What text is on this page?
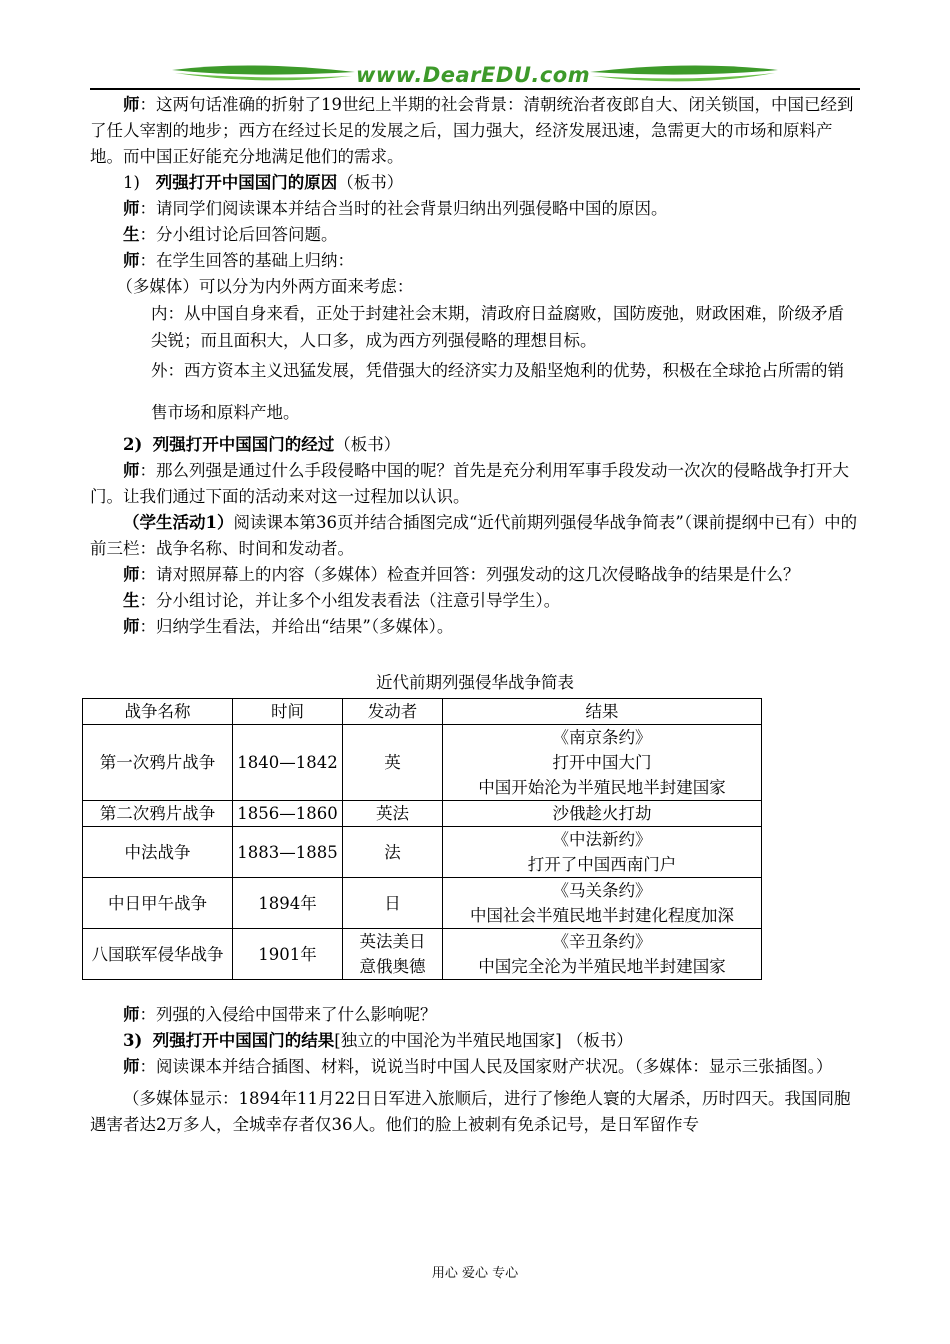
www.DearEDU.com

师：这两句话准确的折射了19世纪上半期的社会背景：清朝统治者夜郎自大、闭关锁国，中国已经到了任人宰割的地步；西方在经过长足的发展之后，国力强大，经济发展迅速，急需更大的市场和原料产地。而中国正好能充分地满足他们的需求。

1) 列强打开中国国门的原因（板书）

师：请同学们阅读课本并结合当时的社会背景归纳出列强侵略中国的原因。

生：分小组讨论后回答问题。

师：在学生回答的基础上归纳：

（多媒体）可以分为内外两方面来考虑：

内：从中国自身来看，正处于封建社会末期，清政府日益腐败，国防废弛，财政困难，阶级矛盾尖锐；而且面积大，人口多，成为西方列强侵略的理想目标。

外：西方资本主义迅猛发展，凭借强大的经济实力及船坚炮利的优势，积极在全球抢占所需的销售市场和原料产地。

2) 列强打开中国国门的经过（板书）

师：那么列强是通过什么手段侵略中国的呢？首先是充分利用军事手段发动一次次的侵略战争打开大门。让我们通过下面的活动来对这一过程加以认识。

（学生活动1）阅读课本第36页并结合插图完成“近代前期列强侵华战争简表”（课前提纲中已有）中的前三栏：战争名称、时间和发动者。

师：请对照屏幕上的内容（多媒体）检查并回答：列强发动的这几次侵略战争的结果是什么？

生：分小组讨论，并让多个小组发表看法（注意引导学生）。

师：归纳学生看法，并给出“结果”（多媒体）。

近代前期列强侵华战争简表
战争名称	时间	发动者	结果
第一次鸦片战争	1840—1842	英	《南京条约》
打开中国大门
中国开始沦为半殖民地半封建国家

第二次鸦片战争	1856—1860	英法	沙俄趁火打劫

中法战争	1883—1885	法	《中法新约》
打开了中国西南门户

中日甲午战争	1894年	日	《马关条约》
中国社会半殖民地半封建化程度加深

八国联军侵华战争	1901年	英法美日意俄奥德	《辛丑条约》
中国完全沦为半殖民地半封建国家

师：列强的入侵给中国带来了什么影响呢？

3) 列强打开中国国门的结果[独立的中国沦为半殖民地国家] （板书）

师：阅读课本并结合插图、材料，说说当时中国人民及国家财产状况。（多媒体：显示三张插图。）

（多媒体显示：1894年11月22日日军进入旅顺后，进行了惨绝人寰的大屠杀，历时四天。我国同胞遇害者达2万多人，全城幸存者仅36人。他们的脸上被刺有免杀记号，是日军留作专

用心 爱心 专心
